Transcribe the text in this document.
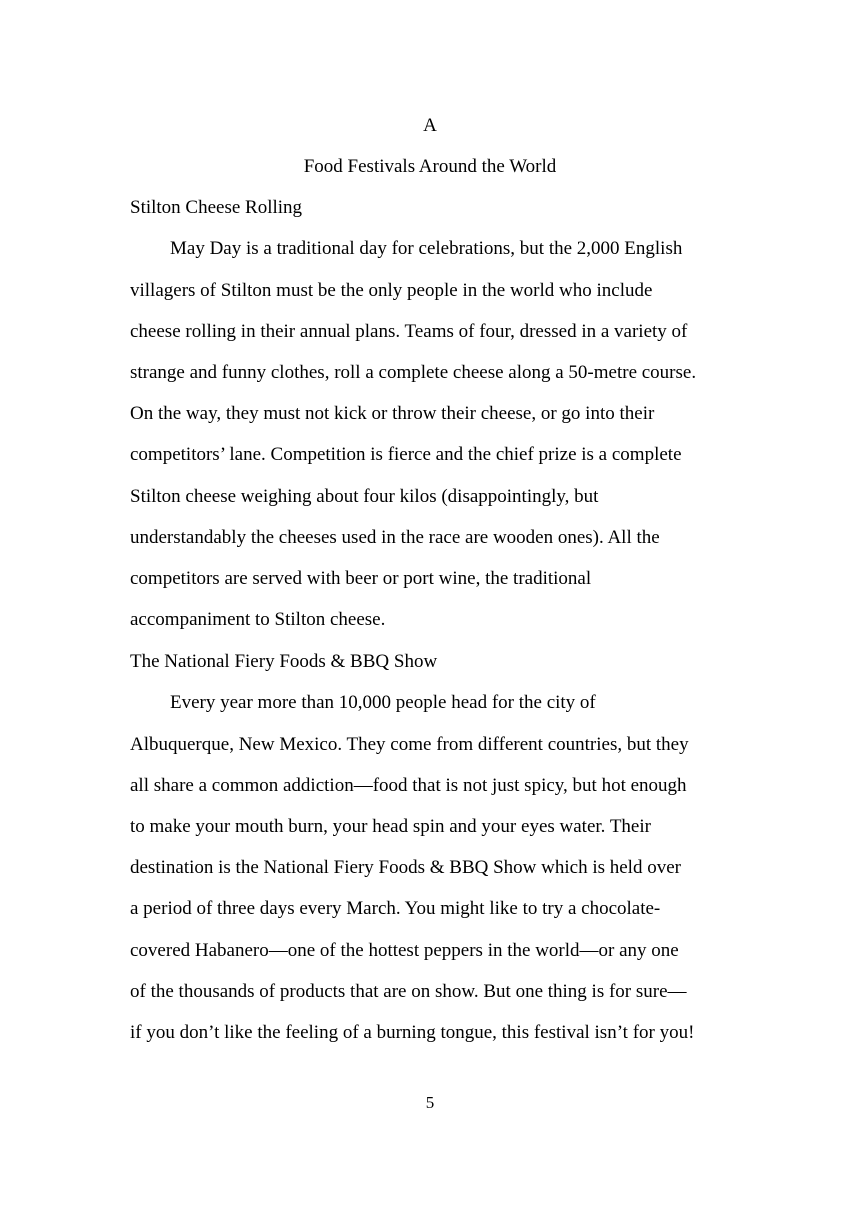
A
Food Festivals Around the World
Stilton Cheese Rolling
May Day is a traditional day for celebrations, but the 2,000 English
villagers of Stilton must be the only people in the world who include
cheese rolling in their annual plans. Teams of four, dressed in a variety of
strange and funny clothes, roll a complete cheese along a 50-metre course.
On the way, they must not kick or throw their cheese, or go into their
competitors’ lane. Competition is fierce and the chief prize is a complete
Stilton cheese weighing about four kilos (disappointingly, but
understandably the cheeses used in the race are wooden ones). All the
competitors are served with beer or port wine, the traditional
accompaniment to Stilton cheese.
The National Fiery Foods & BBQ Show
Every year more than 10,000 people head for the city of
Albuquerque, New Mexico. They come from different countries, but they
all share a common addiction—food that is not just spicy, but hot enough
to make your mouth burn, your head spin and your eyes water. Their
destination is the National Fiery Foods & BBQ Show which is held over
a period of three days every March. You might like to try a chocolate-
covered Habanero—one of the hottest peppers in the world—or any one
of the thousands of products that are on show. But one thing is for sure—
if you don’t like the feeling of a burning tongue, this festival isn’t for you!
5
